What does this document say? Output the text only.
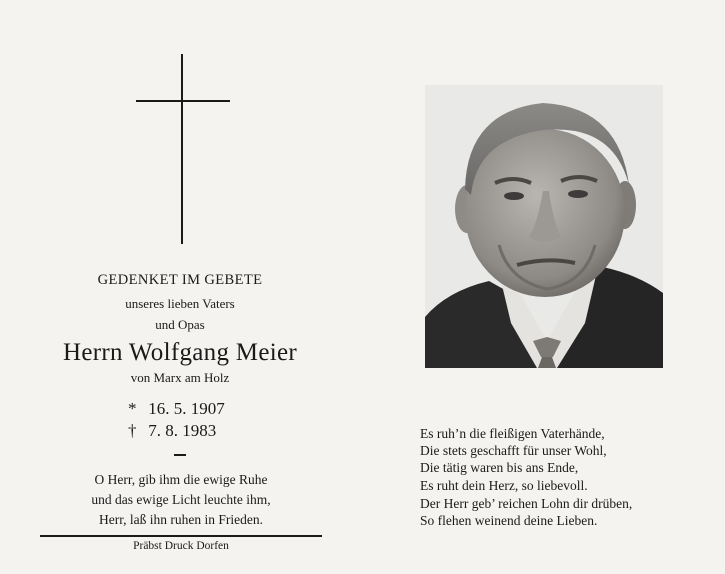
GEDENKET IM GEBETE
unseres lieben Vaters
und Opas
Herrn Wolfgang Meier
von Marx am Holz
* 16. 5. 1907
† 7. 8. 1983
O Herr, gib ihm die ewige Ruhe
und das ewige Licht leuchte ihm,
Herr, laß ihn ruhen in Frieden.
Präbst Druck Dorfen
Es ruh’n die fleißigen Vaterhände,
Die stets geschafft für unser Wohl,
Die tätig waren bis ans Ende,
Es ruht dein Herz, so liebevoll.
Der Herr geb’ reichen Lohn dir drüben,
So flehen weinend deine Lieben.
